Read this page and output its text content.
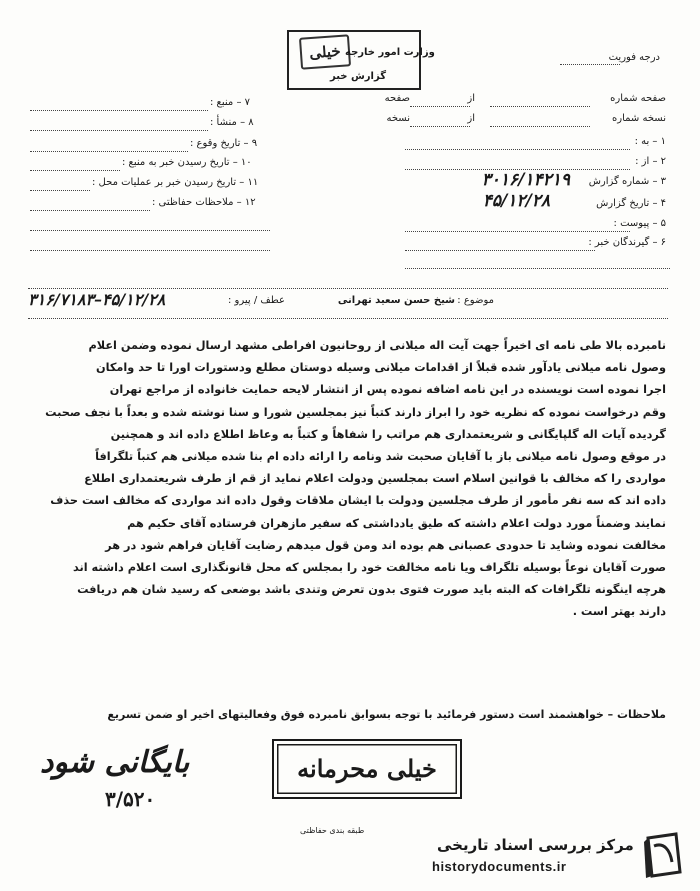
خیلی وزارت امور خارجه
گزارش خبر
درجه فوریت
صفحه شماره
از
صفحه
نسخه شماره
از
نسخه
۱ – به :
۲ – از :
۳ – شماره گزارش
۳۰۱۶/۱۴۲۱۹
۴ – تاریخ گزارش
۴۵/۱۲/۲۸
۵ – پیوست :
۶ – گیرندگان خبر :
۷ – منبع :
۸ – منشأ :
۹ – تاریخ وقوع :
۱۰ – تاریخ رسیدن خبر به منبع :
۱۱ – تاریخ رسیدن خبر بر عملیات محل :
۱۲ – ملاحظات حفاظتی :
موضوع :
شیخ حسن سعید تهرانی
عطف / پیرو :
۴۵/۱۲/۲۸–۳۱۶/۷۱۸۳
نامبرده بالا طی نامه ای اخیراً جهت آیت اله میلانی از روحانیون افراطی مشهد ارسال نموده وضمن اعلام
وصول نامه میلانی یادآور شده قبلاً از اقدامات میلانی وسیله دوستان مطلع ودستورات اورا تا حد وامکان
اجرا نموده است نویسنده در این نامه اضافه نموده پس از انتشار لایحه حمایت خانواده از مراجع تهران
وقم درخواست نموده که نظریه خود را ابراز دارند کتباً نیز بمجلسین شورا و سنا نوشته شده و بعداً با نجف صحبت
گردیده آیات اله گلپایگانی و شریعتمداری هم مراتب را شفاهاً و کتباً به وعاظ اطلاع داده اند و همچنین
در موقع وصول نامه میلانی باز با آقایان صحبت شد ونامه را ارائه داده ام بنا شده میلانی هم کتباً تلگرافاً
مواردی را که مخالف با قوانین اسلام است بمجلسین ودولت اعلام نماید از قم از طرف شریعتمداری اطلاع
داده اند که سه نفر مأمور از طرف مجلسین ودولت با ایشان ملاقات وقول داده اند مواردی که مخالف است حذف
نمایند وضمناً مورد دولت اعلام داشته که طیق یادداشتی که سفیر مازهران فرستاده آقای حکیم هم
مخالفت نموده وشاید تا حدودی عصبانی هم بوده اند ومن قول میدهم رضایت آقایان فراهم شود در هر
صورت آقایان نوعاً بوسیله تلگراف ویا نامه مخالفت خود را بمجلس که محل قانونگذاری است اعلام داشته اند
هرچه اینگونه تلگرافات که البته باید صورت فتوی بدون تعرض وتندی باشد بوضعی که رسید شان هم دریافت
دارند بهتر است .
ملاحظات – خواهشمند است دستور فرمائید با توجه بسوابق نامبرده فوق وفعالیتهای اخیر او ضمن تسریع
خیلی محرمانه
بایگانی شود
۳/۵۲۰
طبقه بندی حفاظتی
مرکز بررسی اسناد تاریخی
historydocuments.ir
